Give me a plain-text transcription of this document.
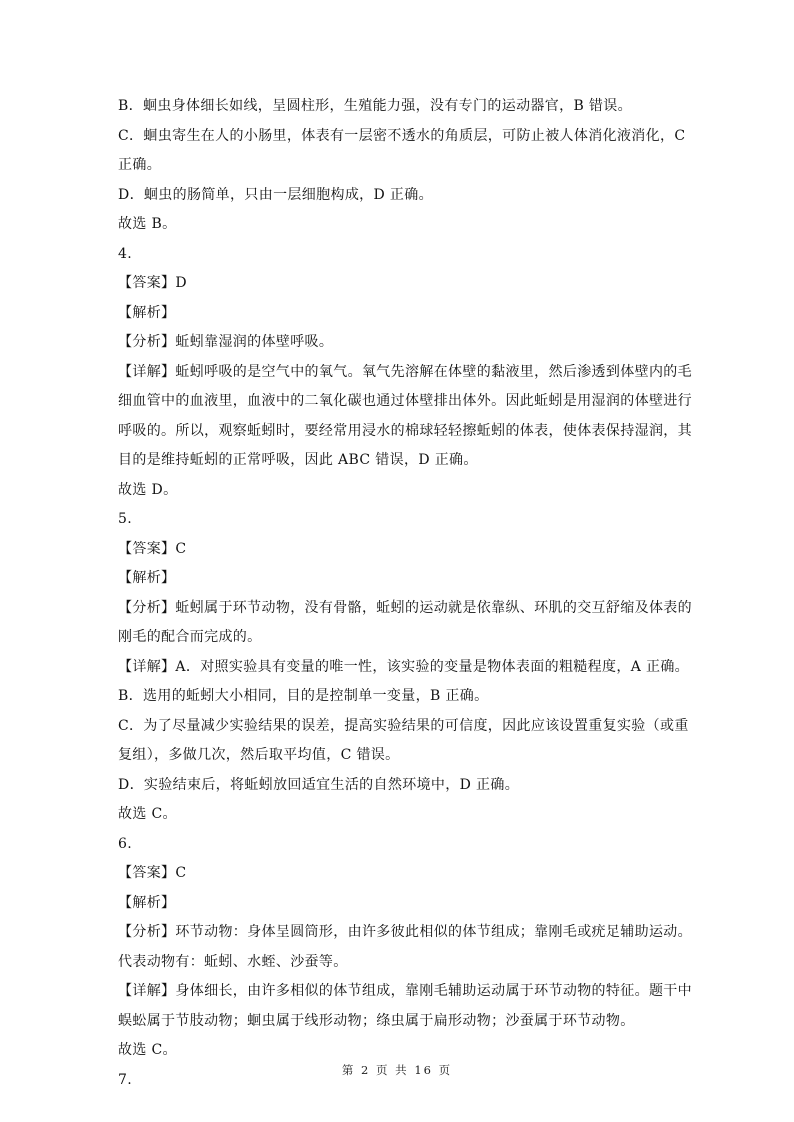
B．蛔虫身体细长如线，呈圆柱形，生殖能力强，没有专门的运动器官，B 错误。
C．蛔虫寄生在人的小肠里，体表有一层密不透水的角质层，可防止被人体消化液消化，C
正确。
D．蛔虫的肠简单，只由一层细胞构成，D 正确。
故选 B。
4.
【答案】D
【解析】
【分析】蚯蚓靠湿润的体壁呼吸。
【详解】蚯蚓呼吸的是空气中的氧气。氧气先溶解在体壁的黏液里，然后渗透到体壁内的毛
细血管中的血液里，血液中的二氧化碳也通过体壁排出体外。因此蚯蚓是用湿润的体壁进行
呼吸的。所以，观察蚯蚓时，要经常用浸水的棉球轻轻擦蚯蚓的体表，使体表保持湿润，其
目的是维持蚯蚓的正常呼吸，因此 ABC 错误，D 正确。
故选 D。
5.
【答案】C
【解析】
【分析】蚯蚓属于环节动物，没有骨骼，蚯蚓的运动就是依靠纵、环肌的交互舒缩及体表的
刚毛的配合而完成的。
【详解】A．对照实验具有变量的唯一性，该实验的变量是物体表面的粗糙程度，A 正确。
B．选用的蚯蚓大小相同，目的是控制单一变量，B 正确。
C．为了尽量减少实验结果的误差，提高实验结果的可信度，因此应该设置重复实验（或重
复组），多做几次，然后取平均值，C 错误。
D．实验结束后，将蚯蚓放回适宜生活的自然环境中，D 正确。
故选 C。
6.
【答案】C
【解析】
【分析】环节动物：身体呈圆筒形，由许多彼此相似的体节组成；靠刚毛或疣足辅助运动。
代表动物有：蚯蚓、水蛭、沙蚕等。
【详解】身体细长，由许多相似的体节组成，靠刚毛辅助运动属于环节动物的特征。题干中
蜈蚣属于节肢动物；蛔虫属于线形动物；绦虫属于扁形动物；沙蚕属于环节动物。
故选 C。
7.
第 2 页 共 16 页
